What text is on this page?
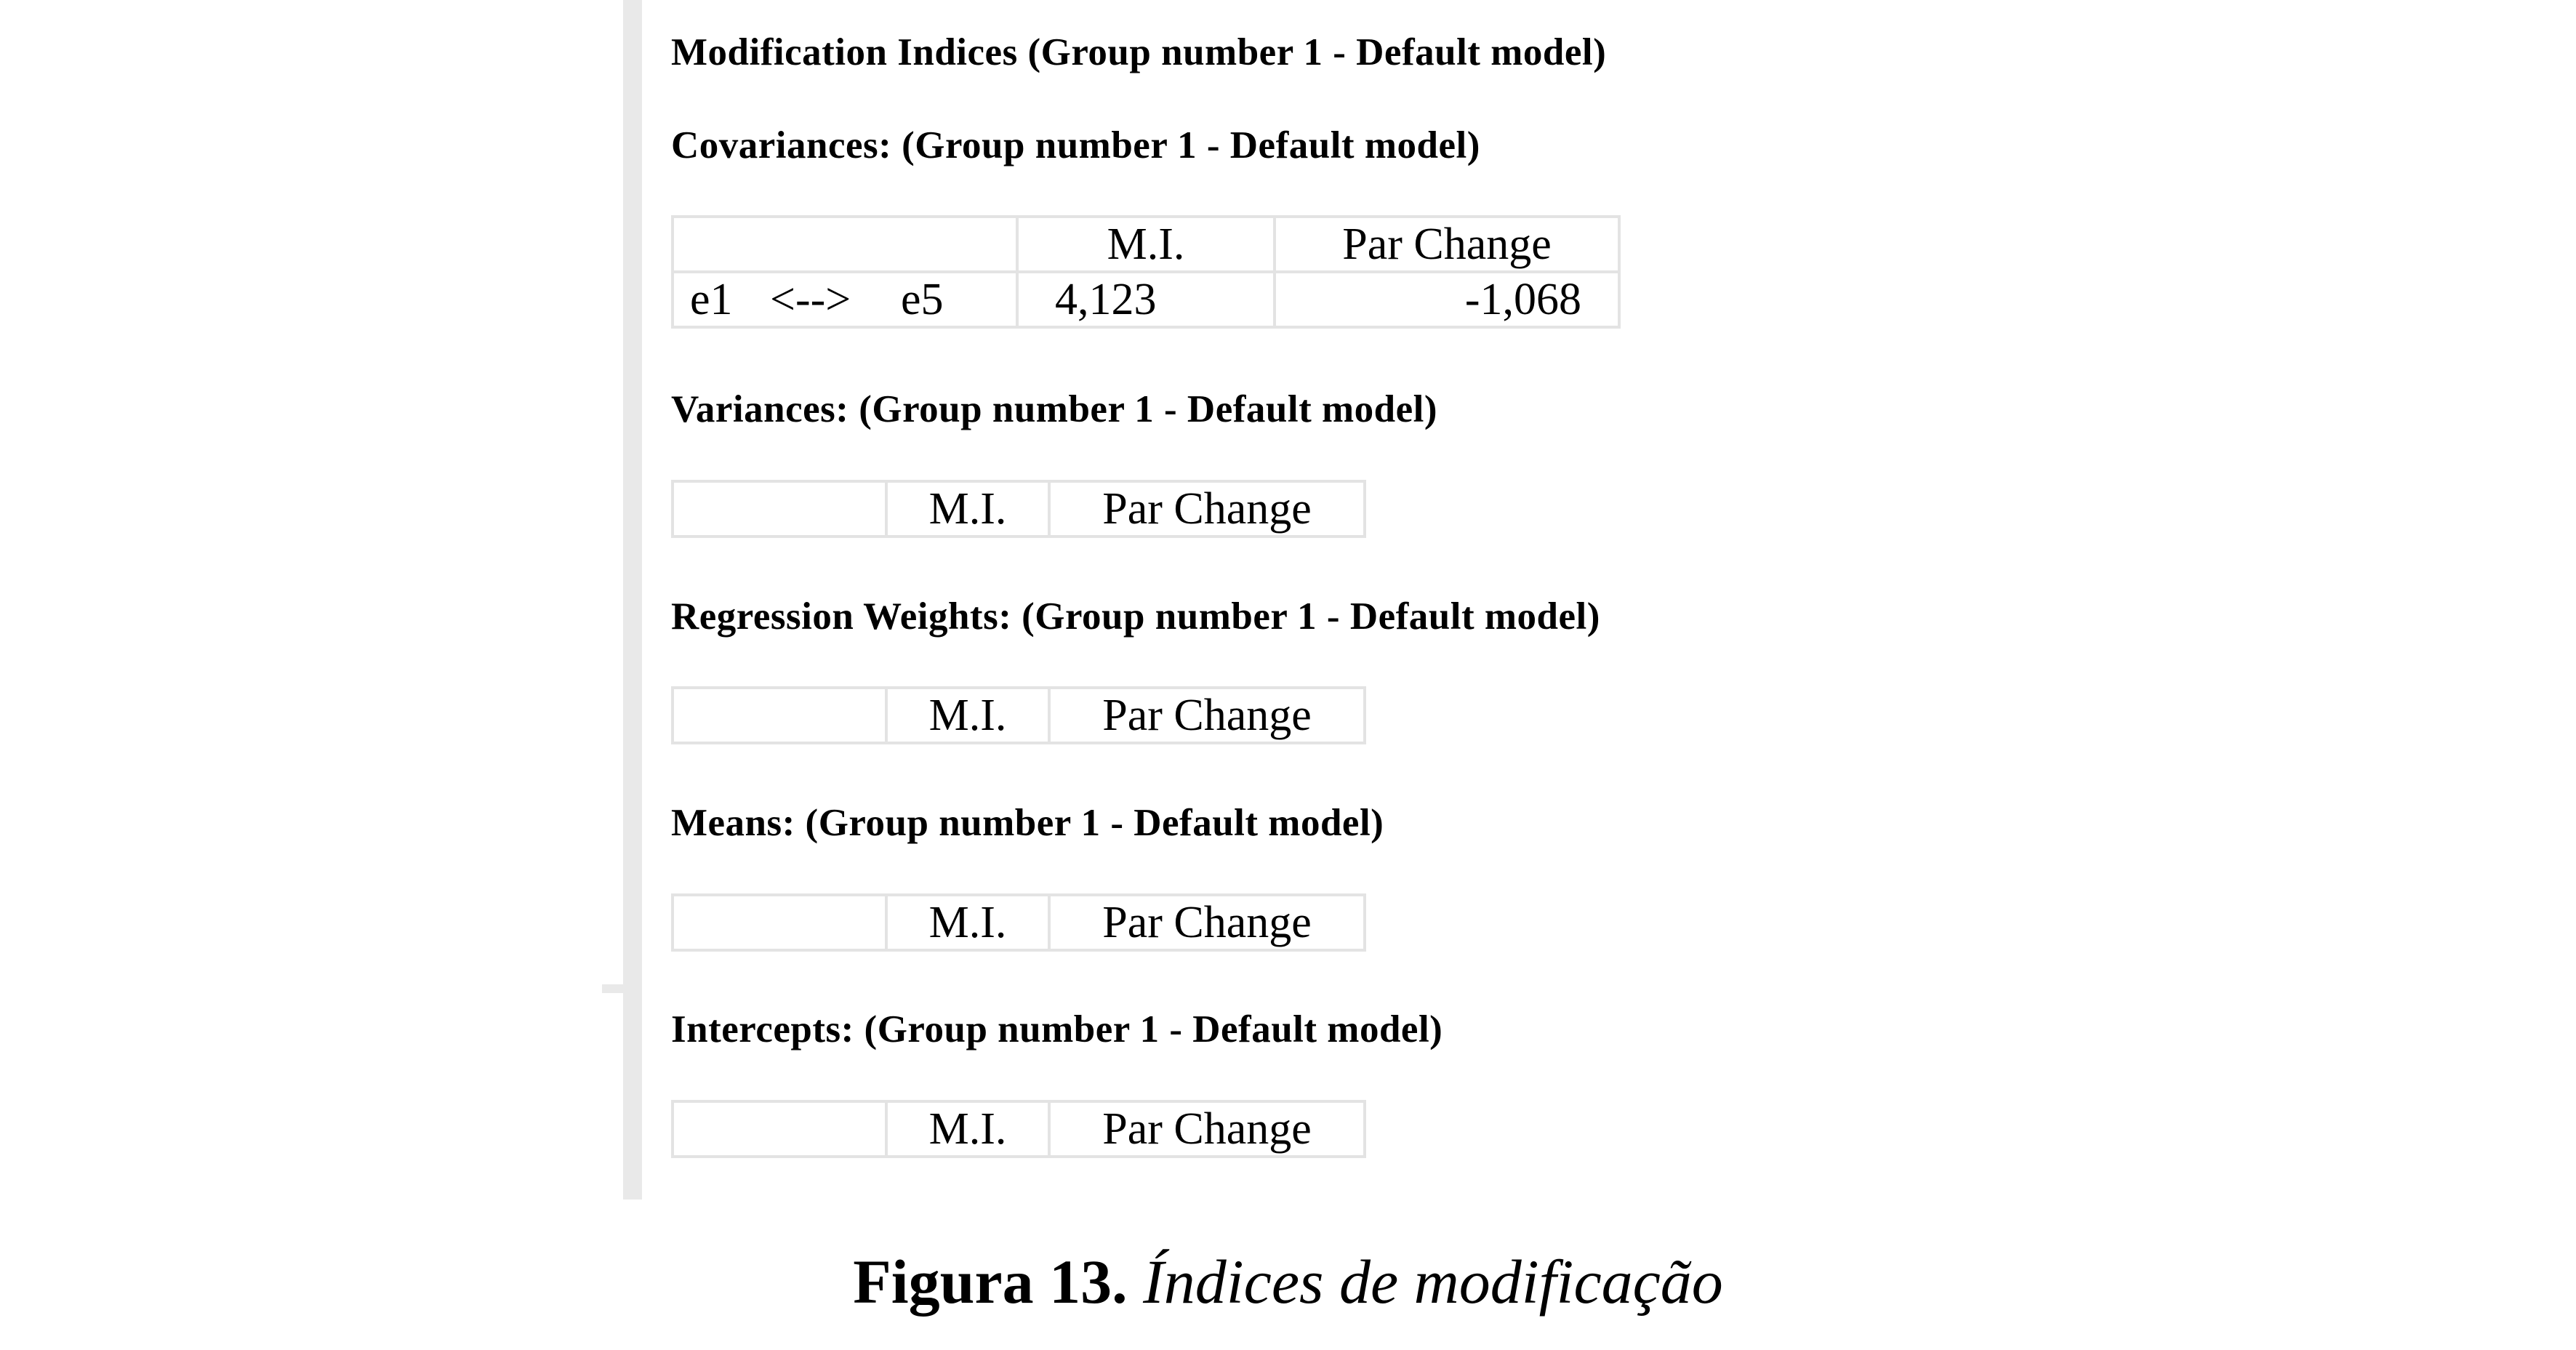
Modification Indices (Group number 1 - Default model)
Covariances: (Group number 1 - Default model)
	M.I.	Par Change

e1 <--> e5	4,123	-1,068
Variances: (Group number 1 - Default model)
	M.I.	Par Change
Regression Weights: (Group number 1 - Default model)
	M.I.	Par Change
Means: (Group number 1 - Default model)
	M.I.	Par Change
Intercepts: (Group number 1 - Default model)
	M.I.	Par Change
Figura 13. Índices de modificação
